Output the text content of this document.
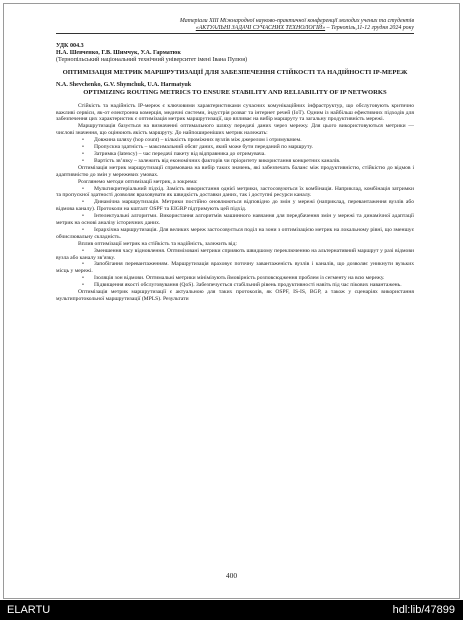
Матеріали XIII Міжнародної науково-практичної конференції молодих учених та студентів
«АКТУАЛЬНІ ЗАДАЧІ СУЧАСНИХ ТЕХНОЛОГІЙ» – Тернопіль,11-12 грудня 2024 року
УДК 004.3
Н.А. Шевченко, Г.В. Шимчук, У.А. Гарматюк
(Тернопільський національний технічний університет імені Івана Пулюя)
ОПТИМІЗАЦІЯ МЕТРИК МАРШРУТИЗАЦІЇ ДЛЯ ЗАБЕЗПЕЧЕННЯ СТІЙКОСТІ ТА НАДІЙНОСТІ IP-МЕРЕЖ
N.A. Shevchenko, G.V. Shymchuk, U.A. Harmatyuk
OPTIMIZING ROUTING METRICS TO ENSURE STABILITY AND RELIABILITY OF IP NETWORKS
Стійкість та надійність IP-мереж є ключовими характеристиками сучасних комунікаційних інфраструктур, що обслуговують критично важливі сервіси, як-от електронна комерція, медичні системи, індустрія розваг та інтернет речей (IoT). Одним із найбільш ефективних підходів для забезпечення цих характеристик є оптимізація метрик маршрутизації, що впливає на вибір маршруту та загальну продуктивність мережі.
Маршрутизація базується на визначенні оптимального шляху передачі даних через мережу. Для цього використовуються метрики — числові значення, що оцінюють якість маршруту. До найпоширеніших метрик належать:
• Довжина шляху (hop count) – кількість проміжних вузлів між джерелом і отримувачем.
• Пропускна здатність – максимальний обсяг даних, який може бути переданий по маршруту.
• Затримка (latency) – час передачі пакету від відправника до отримувача.
• Вартість зв’язку – залежить від економічних факторів чи пріоритету використання конкретних каналів.
Оптимізація метрик маршрутизації спрямована на вибір таких значень, які забезпечать баланс між продуктивністю, стійкістю до відмов і адаптивністю до змін у мережевих умовах.
Розглянемо методи оптимізації метрик, а зокрема:
• Мультикритеріальний підхід. Замість використання однієї метрики, застосовуються їх комбінація. Наприклад, комбінація затримки та пропускної здатності дозволяє враховувати як швидкість доставки даних, так і доступні ресурси каналу.
• Динамічна маршрутизація. Метрики постійно оновлюються відповідно до змін у мережі (наприклад, перевантаження вузлів або відмова каналу). Протоколи на кшталт OSPF та EIGRP підтримують цей підхід.
• Інтелектуальні алгоритми. Використання алгоритмів машинного навчання для передбачення змін у мережі та динамічної адаптації метрик на основі аналізу історичних даних.
• Ієрархічна маршрутизація. Для великих мереж застосовується поділ на зони з оптимізацією метрик на локальному рівні, що зменшує обчислювальну складність.
Вплив оптимізації метрик на стійкість та надійність, залежить від:
• Зменшення часу відновлення. Оптимізовані метрики сприяють швидшому переключенню на альтернативний маршрут у разі відмови вузла або каналу зв’язку.
• Запобігання перевантаженням. Маршрутизація враховує поточну завантаженість вузлів і каналів, що дозволяє уникнути вузьких місць у мережі.
• Ізоляція зон відмови. Оптимальні метрики мінімізують ймовірність розповсюдження проблем із сегменту на всю мережу.
• Підвищення якості обслуговування (QoS). Забезпечується стабільний рівень продуктивності навіть під час пікових навантажень.
Оптимізація метрик маршрутизації є актуальною для таких протоколів, як OSPF, IS-IS, BGP, а також у сценаріях використання мультипротокольної маршрутизації (MPLS). Результати
400
ELARTU	hdl:lib/47899
